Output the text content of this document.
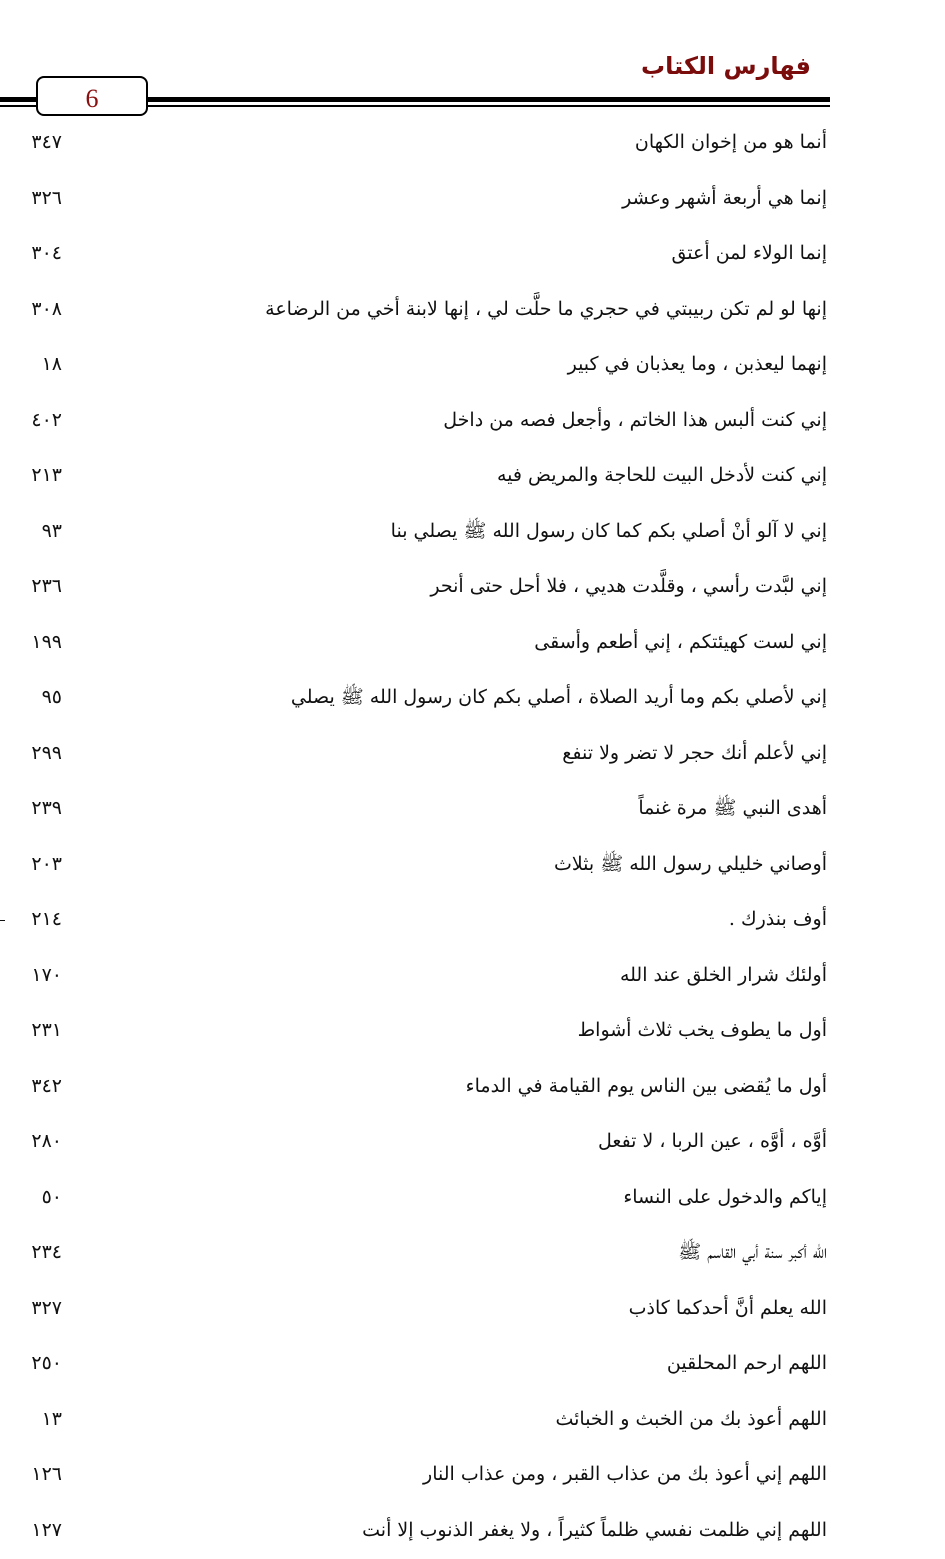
فهارس الكتاب
6
أنما هو من إخوان الكهان
٣٤٧
إنما هي أربعة أشهر وعشر
٣٢٦
إنما الولاء لمن أعتق
٣٠٤
إنها لو لم تكن ربيبتي في حجري ما حلَّت لي ، إنها لابنة أخي من الرضاعة
٣٠٨
إنهما ليعذبن ، وما يعذبان في كبير
١٨
إني كنت ألبس هذا الخاتم ، وأجعل فصه من داخل
٤٠٢
إني كنت لأدخل البيت للحاجة والمريض فيه
٢١٣
إني لا آلو أنْ أصلي بكم كما كان رسول الله ﷺ يصلي بنا
٩٣
إني لبَّدت رأسي ، وقلَّدت هديي ، فلا أحل حتى أنحر
٢٣٦
إني لست كهيئتكم ، إني أطعم وأسقى
١٩٩
إني لأصلي بكم وما أريد الصلاة ، أصلي بكم كان رسول الله ﷺ يصلي
٩٥
إني لأعلم أنك حجر لا تضر ولا تنفع
٢٩٩
أهدى النبي ﷺ مرة غنماً
٢٣٩
أوصاني خليلي رسول الله ﷺ بثلاث
٢٠٣
أوف بنذرك .
٢١٤
أولئك شرار الخلق عند الله
١٧٠
أول ما يطوف يخب ثلاث أشواط
٢٣١
أول ما يُقضى بين الناس يوم القيامة في الدماء
٣٤٢
أوَّه ، أوَّه ، عين الربا ، لا تفعل
٢٨٠
إياكم والدخول على النساء
٥٠
الله أكبر سنة أبي القاسم ﷺ
٢٣٤
الله يعلم أنَّ أحدكما كاذب
٣٢٧
اللهم ارحم المحلقين
٢٥٠
اللهم أعوذ بك من الخبث و الخبائث
١٣
اللهم إني أعوذ بك من عذاب القبر ، ومن عذاب النار
١٢٦
اللهم إني ظلمت نفسي ظلماً كثيراً ، ولا يغفر الذنوب إلا أنت
١٢٧
